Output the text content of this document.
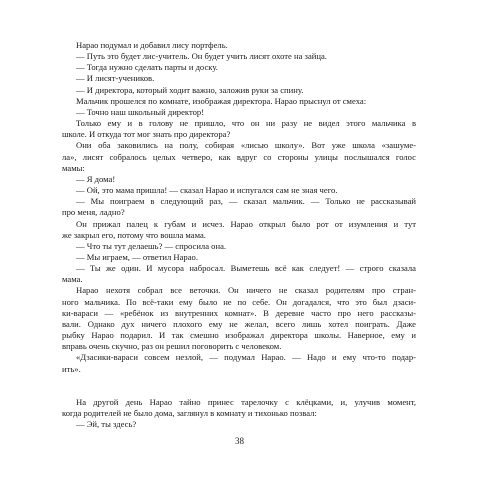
Нарао подумал и добавил лису портфель.
— Путь это будет лис-учитель. Он будет учить лисят охоте на зайца.
— Тогда нужно сделать парты и доску.
— И лисят-учеников.
— И директора, который ходит важно, заложив руки за спину.
Мальчик прошелся по комнате, изображая директора. Нарао прыснул от смеха:
— Точно наш школьный директор!
Только ему и в голову не пришло, что он ни разу не видел этого мальчика в
школе. И откуда тот мог знать про директора?
Они оба заковились на полу, собирая «лисью школу». Вот уже школа «зашуме-
ла», лисят собралось целых четверо, как вдруг со стороны улицы послышался голос
мамы:
— Я дома!
— Ой, это мама пришла! — сказал Нарао и испугался сам не зная чего.
— Мы поиграем в следующий раз, — сказал мальчик. — Только не рассказывай
про меня, ладно?
Он прижал палец к губам и исчез. Нарао открыл было рот от изумления и тут
же закрыл его, потому что вошла мама.
— Что ты тут делаешь? — спросила она.
— Мы играем, — ответил Нарао.
— Ты же один. И мусора набросал. Выметешь всё как следует! — строго сказала
мама.
Нарао нехотя собрал все веточки. Он ничего не сказал родителям про стран-
ного мальчика. По всё-таки ему было не по себе. Он догадался, что это был дзаси-
ки-вараси — «ребёнок из внутренних комнат». В деревне часто про него рассказы-
вали. Однако дух ничего плохого ему не желал, всего лишь хотел поиграть. Даже
рыбку Нарао подарил. И так смешно изображал директора школы. Наверное, ему и
вправь очень скучно, раз он решил поговорить с человеком.
«Дзасики-вараси совсем незлой, — подумал Нарао. — Надо и ему что-то подар-
ить».
На другой день Нарао тайно принес тарелочку с клёцками, и, улучив момент,
когда родителей не было дома, заглянул в комнату и тихонько позвал:
— Эй, ты здесь?
38
